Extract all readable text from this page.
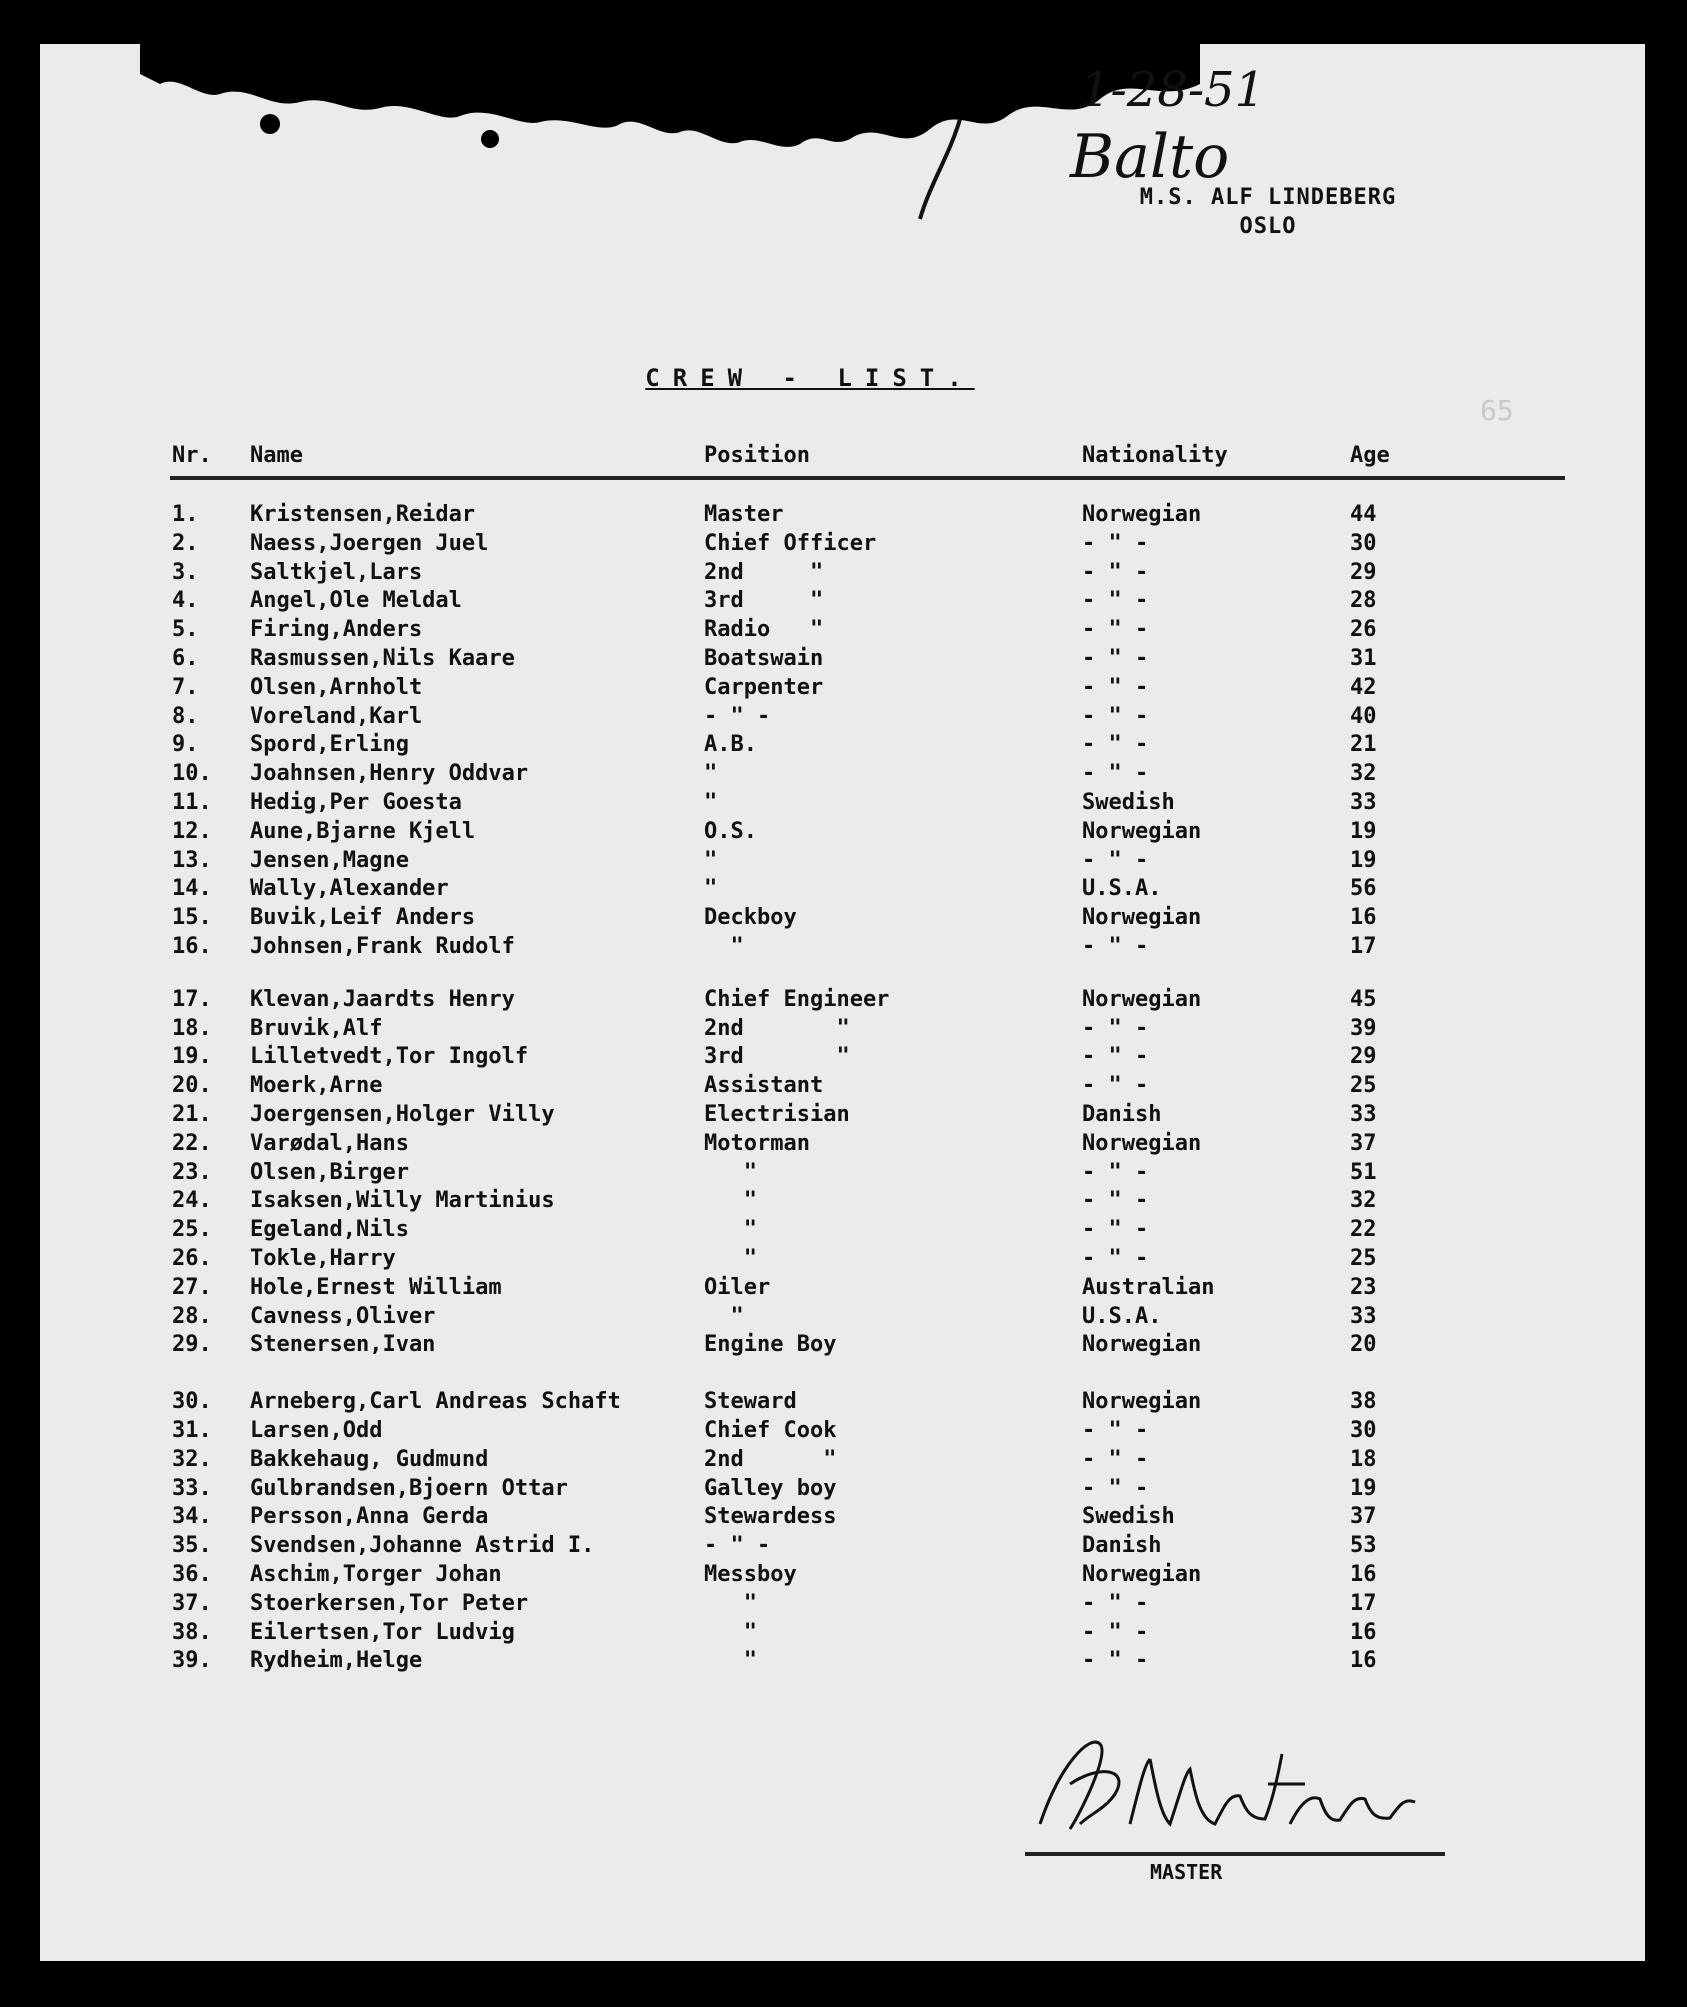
1-28-51
Balto
M.S. ALF LINDEBERG
OSLO
CREW - LIST.
65
Nr. Name	Position	Nationality	Age
1. Kristensen,Reidar	Master	Norwegian	44
2. Naess,Joergen Juel	Chief Officer	- " -	30
3. Saltkjel,Lars	2nd     "	- " -	29
4. Angel,Ole Meldal	3rd     "	- " -	28
5. Firing,Anders	Radio   "	- " -	26
6. Rasmussen,Nils Kaare	Boatswain	- " -	31
7. Olsen,Arnholt	Carpenter	- " -	42
8. Voreland,Karl	- " -	- " -	40
9. Spord,Erling	A.B.	- " -	21
10. Joahnsen,Henry Oddvar	"	- " -	32
11. Hedig,Per Goesta	"	Swedish	33
12. Aune,Bjarne Kjell	O.S.	Norwegian	19
13. Jensen,Magne	"	- " -	19
14. Wally,Alexander	"	U.S.A.	56
15. Buvik,Leif Anders	Deckboy	Norwegian	16
16. Johnsen,Frank Rudolf	"	- " -	17
17. Klevan,Jaardts Henry	Chief Engineer	Norwegian	45
18. Bruvik,Alf	2nd       "	- " -	39
19. Lilletvedt,Tor Ingolf	3rd       "	- " -	29
20. Moerk,Arne	Assistant	- " -	25
21. Joergensen,Holger Villy	Electrisian	Danish	33
22. Varødal,Hans	Motorman	Norwegian	37
23. Olsen,Birger	"	- " -	51
24. Isaksen,Willy Martinius	"	- " -	32
25. Egeland,Nils	"	- " -	22
26. Tokle,Harry	"	- " -	25
27. Hole,Ernest William	Oiler	Australian	23
28. Cavness,Oliver	"	U.S.A.	33
29. Stenersen,Ivan	Engine Boy	Norwegian	20
30. Arneberg,Carl Andreas Schaft	Steward	Norwegian	38
31. Larsen,Odd	Chief Cook	- " -	30
32. Bakkehaug, Gudmund	2nd      "	- " -	18
33. Gulbrandsen,Bjoern Ottar	Galley boy	- " -	19
34. Persson,Anna Gerda	Stewardess	Swedish	37
35. Svendsen,Johanne Astrid I.	- " -	Danish	53
36. Aschim,Torger Johan	Messboy	Norwegian	16
37. Stoerkersen,Tor Peter	"	- " -	17
38. Eilertsen,Tor Ludvig	"	- " -	16
39. Rydheim,Helge	"	- " -	16
MASTER
